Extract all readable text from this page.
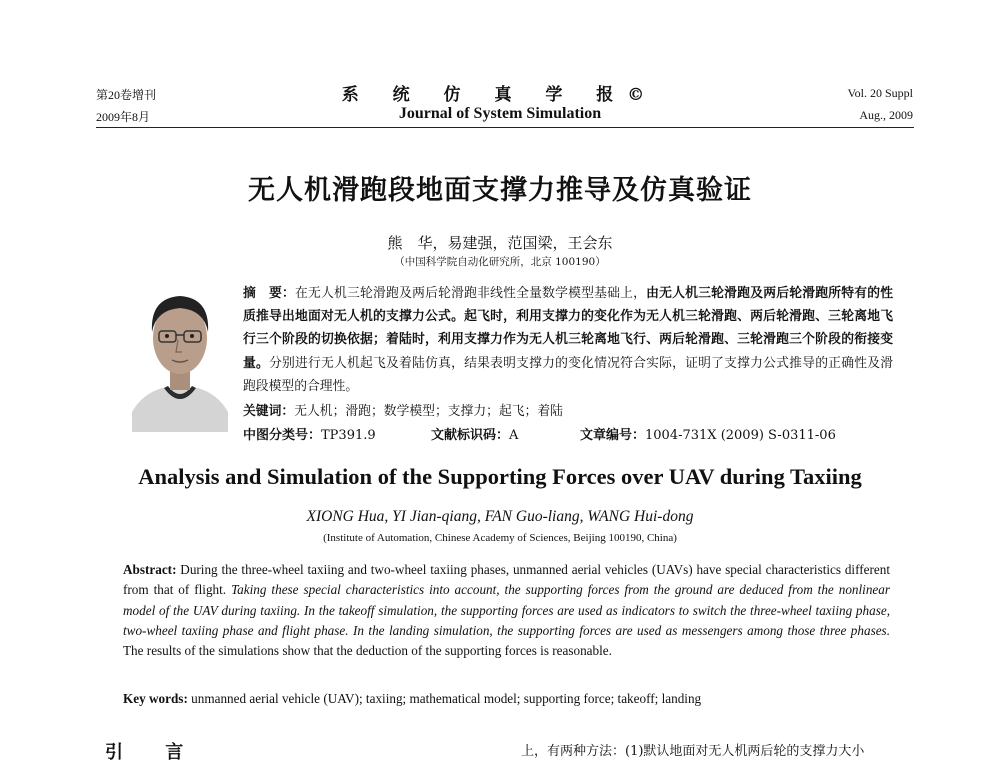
第20卷增刊
2009年8月
系 统 仿 真 学 报©
Journal of System Simulation
Vol. 20 Suppl
Aug., 2009
无人机滑跑段地面支撑力推导及仿真验证
熊　华，易建强，范国梁，王会东
（中国科学院自动化研究所，北京 100190）
摘　要：在无人机三轮滑跑及两后轮滑跑非线性全量数学模型基础上，由无人机三轮滑跑及两后轮滑跑所特有的性质推导出地面对无人机的支撑力公式。起飞时，利用支撑力的变化作为无人机三轮滑跑、两后轮滑跑、三轮离地飞行三个阶段的切换依据；着陆时，利用支撑力作为无人机三轮离地飞行、两后轮滑跑、三轮滑跑三个阶段的衔接变量。分别进行无人机起飞及着陆仿真，结果表明支撑力的变化情况符合实际，证明了支撑力公式推导的正确性及滑跑段模型的合理性。
关键词：无人机；滑跑；数学模型；支撑力；起飞；着陆
中图分类号：TP391.9	文献标识码：A	文章编号：1004-731X (2009) S-0311-06
Analysis and Simulation of the Supporting Forces over UAV during Taxiing
XIONG Hua, YI Jian-qiang, FAN Guo-liang, WANG Hui-dong
(Institute of Automation, Chinese Academy of Sciences, Beijing 100190, China)
Abstract: During the three-wheel taxiing and two-wheel taxiing phases, unmanned aerial vehicles (UAVs) have special characteristics different from that of flight. Taking these special characteristics into account, the supporting forces from the ground are deduced from the nonlinear model of the UAV during taxiing. In the takeoff simulation, the supporting forces are used as indicators to switch the three-wheel taxiing phase, two-wheel taxiing phase and flight phase. In the landing simulation, the supporting forces are used as messengers among those three phases. The results of the simulations show that the deduction of the supporting forces is reasonable.
Key words: unmanned aerial vehicle (UAV); taxiing; mathematical model; supporting force; takeoff; landing
引 言	上，有两种方法：(1)默认地面对无人机两后轮的支撑力大小
